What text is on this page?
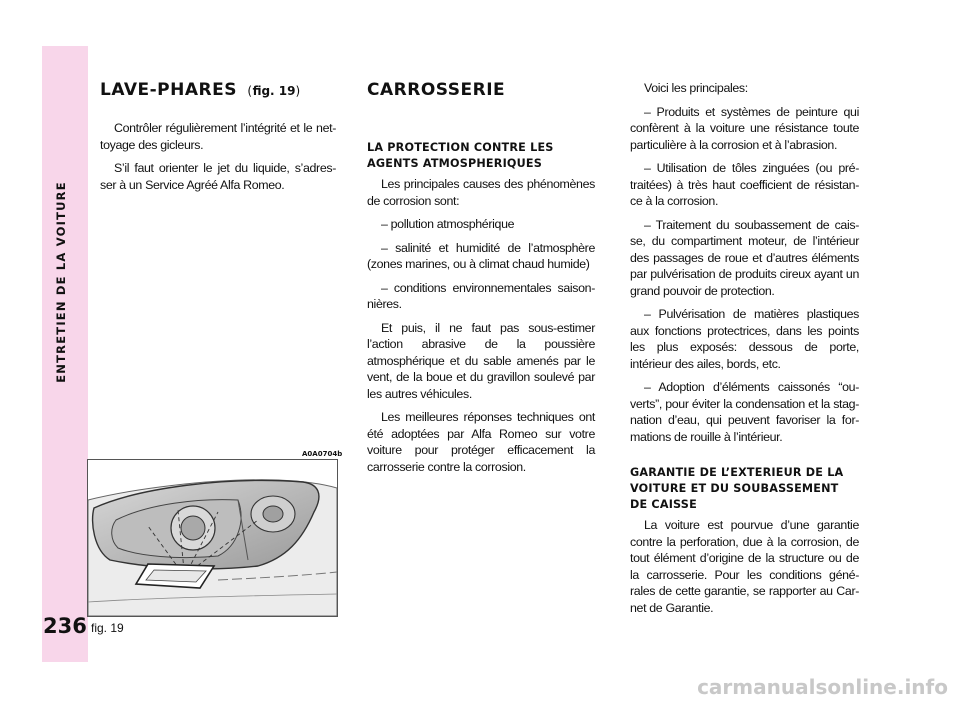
ENTRETIEN DE LA VOITURE
236
LAVE-PHARES (fig. 19)

Contrôler régulièrement l’intégrité et le net-toyage des gicleurs.

S’il faut orienter le jet du liquide, s’adres-ser à un Service Agréé Alfa Romeo.

A0A0704b
fig. 19
CARROSSERIE
LA PROTECTION CONTRE LES AGENTS ATMOSPHERIQUES

Les principales causes des phénomènes de corrosion sont:

– pollution atmosphérique

– salinité et humidité de l’atmosphère (zones marines, ou à climat chaud humide)

– conditions environnementales saison-nières.

Et puis, il ne faut pas sous-estimer l’action abrasive de la poussière atmosphérique et du sable amenés par le vent, de la boue et du gravillon soulevé par les autres véhicules.

Les meilleures réponses techniques ont été adoptées par Alfa Romeo sur votre voiture pour protéger efficacement la carrosserie contre la corrosion.

Voici les principales:

– Produits et systèmes de peinture qui confèrent à la voiture une résistance toute particulière à la corrosion et à l’abrasion.

– Utilisation de tôles zinguées (ou pré-traitées) à très haut coefficient de résistan-ce à la corrosion.

– Traitement du soubassement de cais-se, du compartiment moteur, de l’intérieur des passages de roue et d’autres éléments par pulvérisation de produits cireux ayant un grand pouvoir de protection.

– Pulvérisation de matières plastiques aux fonctions protectrices, dans les points les plus exposés: dessous de porte, intérieur des ailes, bords, etc.

– Adoption d’éléments caissonés “ou-verts”, pour éviter la condensation et la stag-nation d’eau, qui peuvent favoriser la for-mations de rouille à l’intérieur.

GARANTIE DE L’EXTERIEUR DE LA VOITURE ET DU SOUBASSEMENT DE CAISSE

La voiture est pourvue d’une garantie contre la perforation, due à la corrosion, de tout élément d’origine de la structure ou de la carrosserie. Pour les conditions géné-rales de cette garantie, se rapporter au Car-net de Garantie.

carmanualsonline.info
